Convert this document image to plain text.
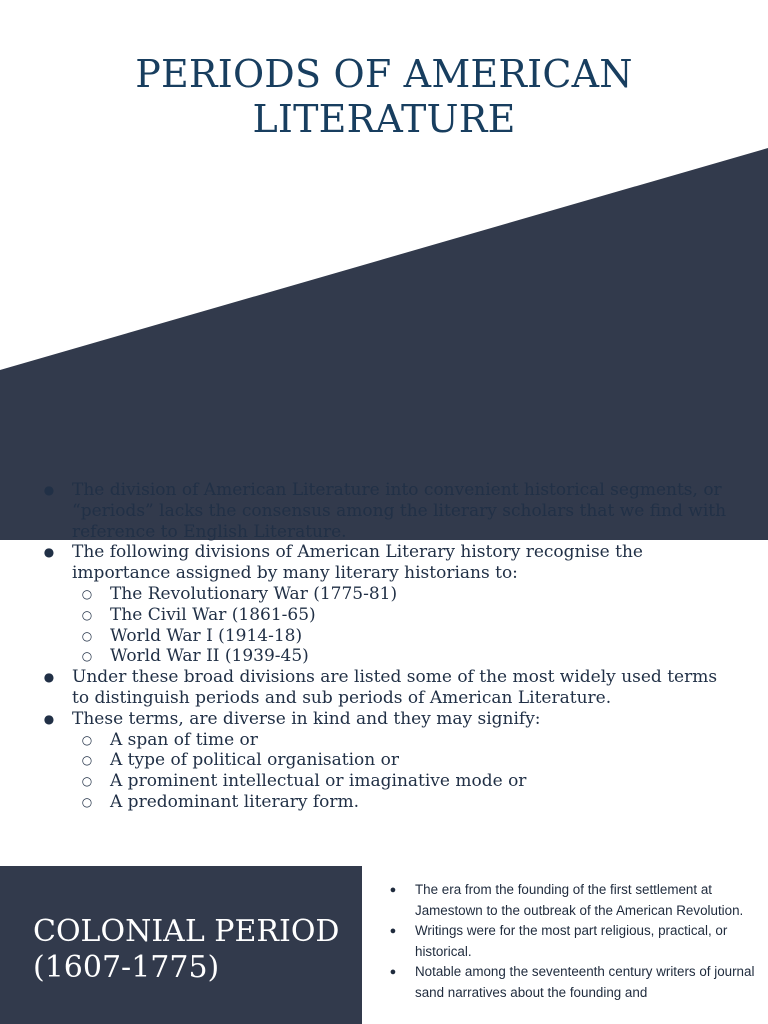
PERIODS OF AMERICAN
LITERATURE
● The division of American Literature into convenient historical segments, or “periods” lacks the consensus among the literary scholars that we find with reference to English Literature.
● The following divisions of American Literary history recognise the importance assigned by many literary historians to:
○ The Revolutionary War (1775-81)
○ The Civil War (1861-65)
○ World War I (1914-18)
○ World War II (1939-45)
● Under these broad divisions are listed some of the most widely used terms to distinguish periods and sub periods of American Literature.
● These terms, are diverse in kind and they may signify:
○ A span of time or
○ A type of political organisation or
○ A prominent intellectual or imaginative mode or
○ A predominant literary form.
COLONIAL PERIOD
(1607-1775)
● The era from the founding of the first settlement at Jamestown to the outbreak of the American Revolution.
● Writings were for the most part religious, practical, or historical.
● Notable among the seventeenth century writers of journal sand narratives about the founding and
